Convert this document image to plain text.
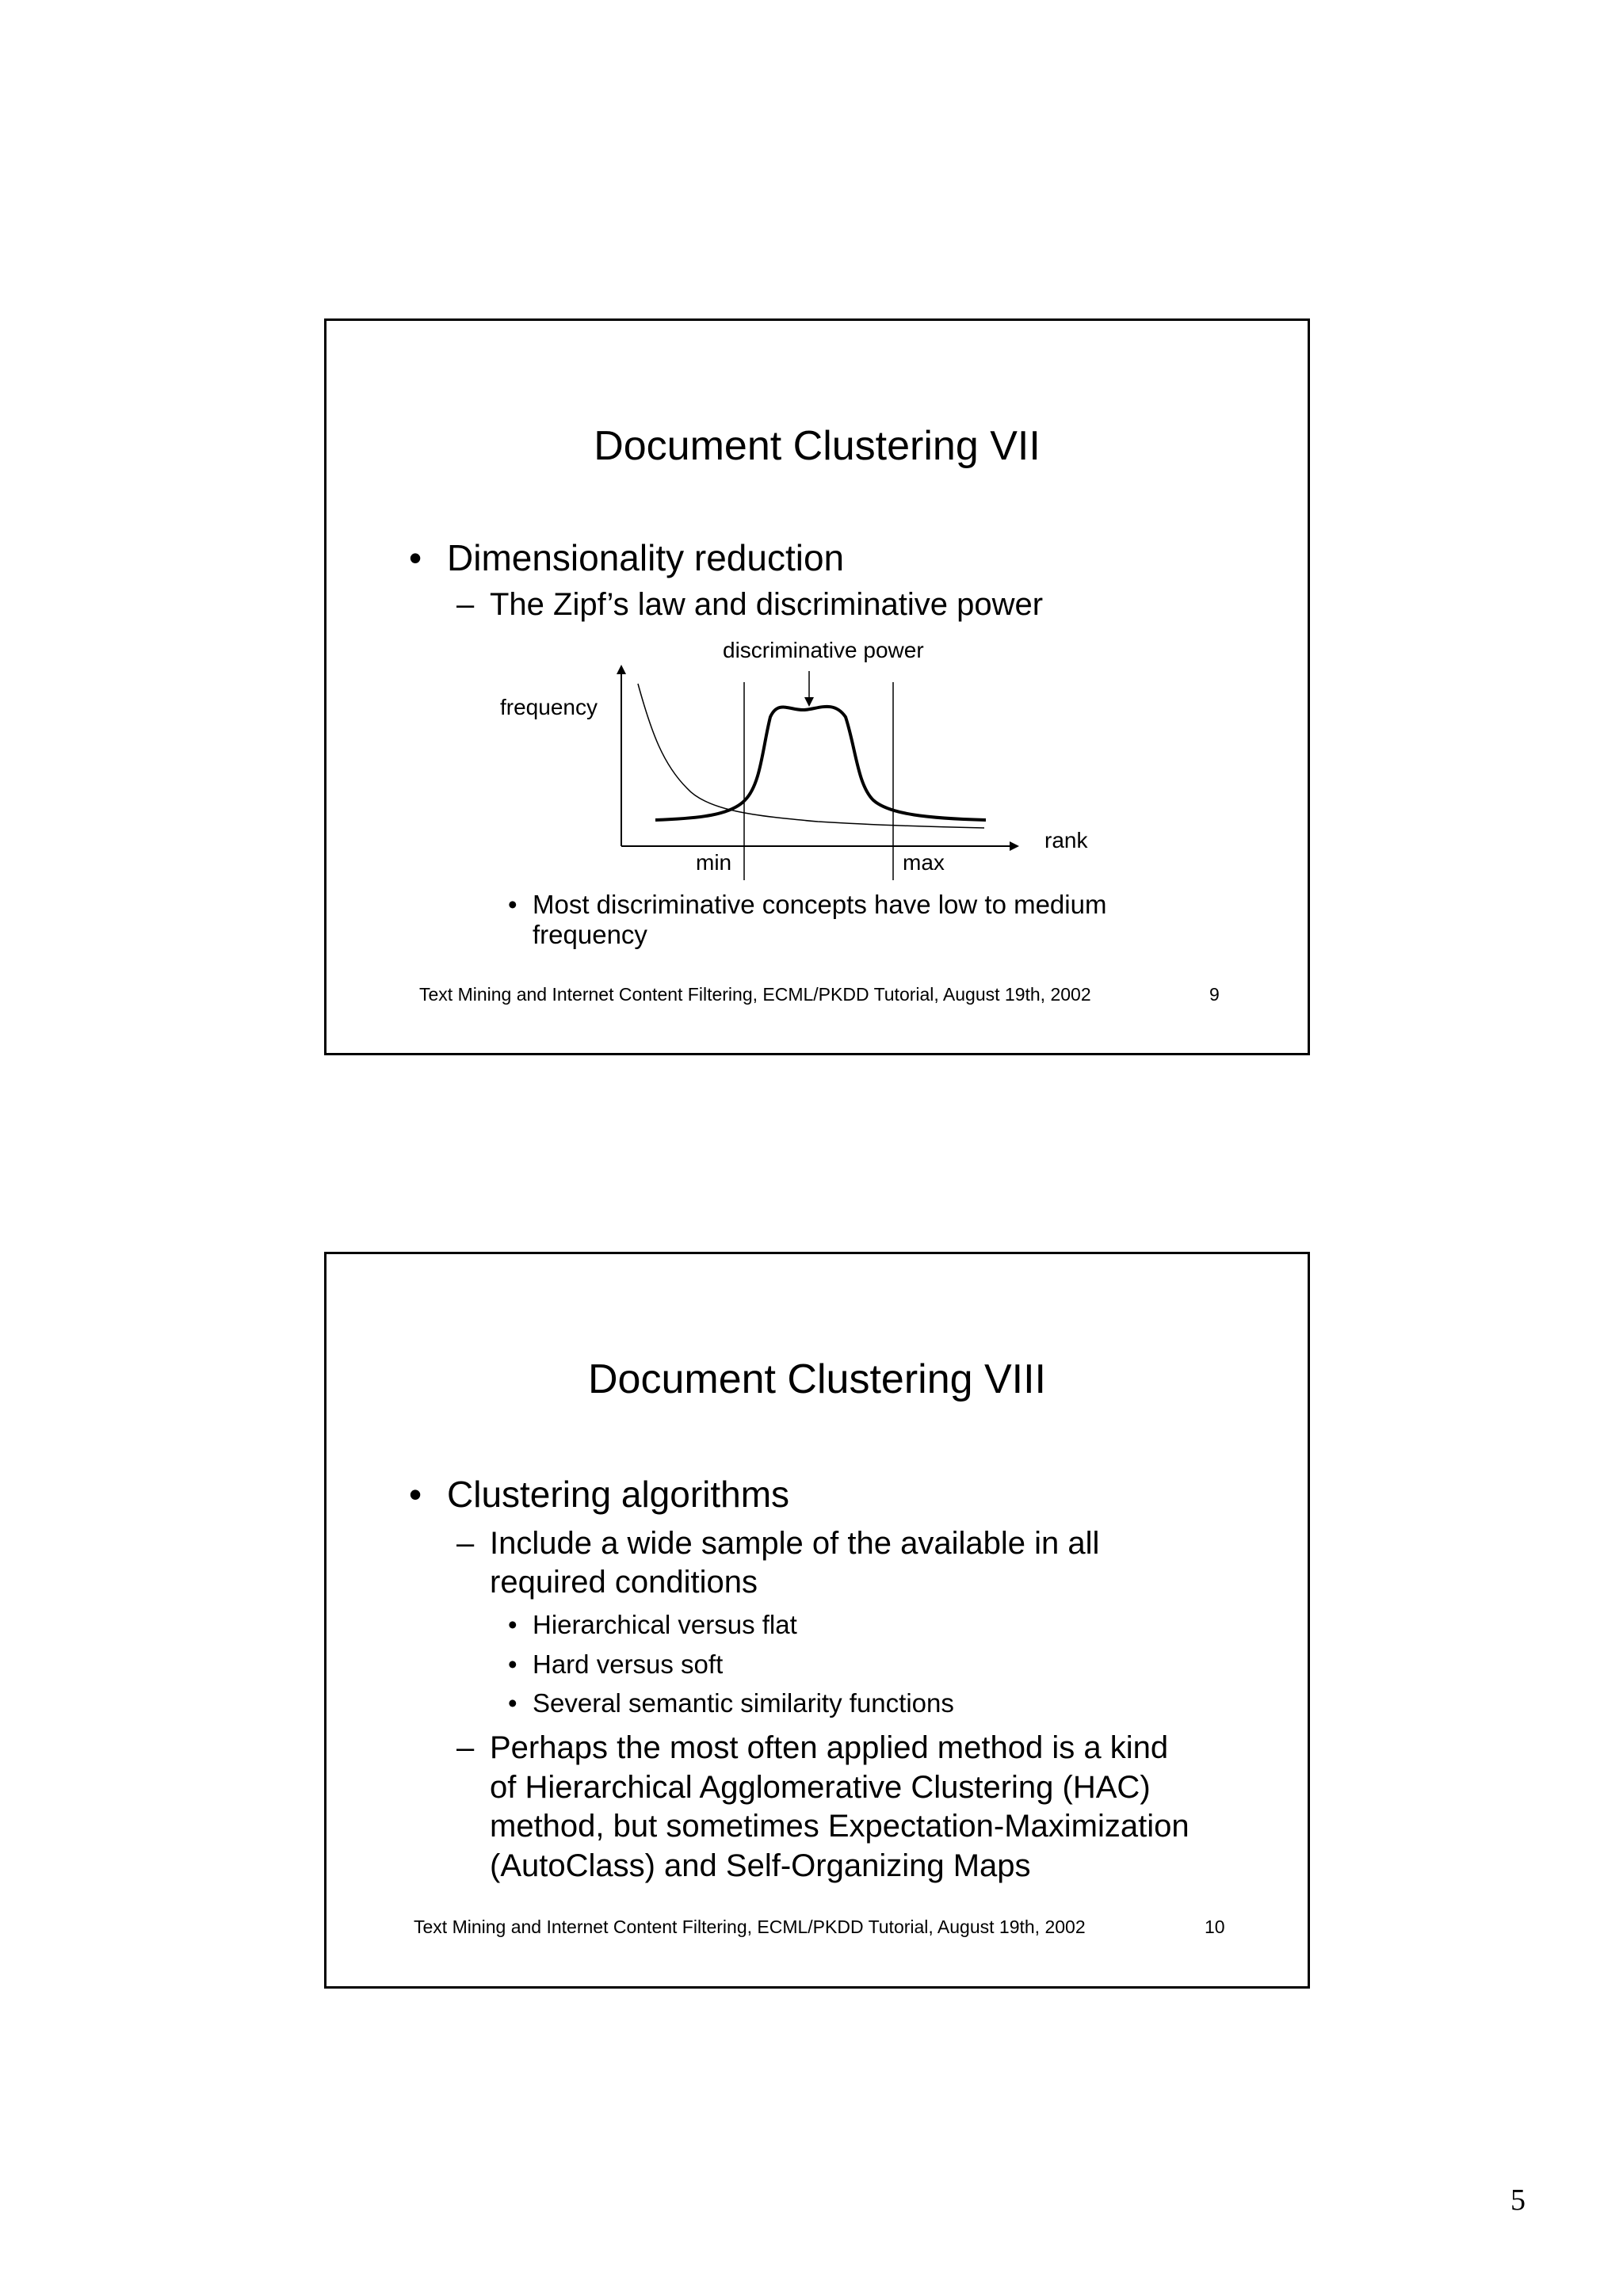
Document Clustering VII
• Dimensionality reduction
– The Zipf’s law and discriminative power
discriminative power
frequency
rank
min	max
• Most discriminative concepts have low to medium
frequency
Text Mining and Internet Content Filtering, ECML/PKDD Tutorial, August 19th, 2002	9
Document Clustering VIII
• Clustering algorithms
– Include a wide sample of the available in all
required conditions
• Hierarchical versus flat
• Hard versus soft
• Several semantic similarity functions
– Perhaps the most often applied method is a kind
of Hierarchical Agglomerative Clustering (HAC)
method, but sometimes Expectation-Maximization
(AutoClass) and Self-Organizing Maps
Text Mining and Internet Content Filtering, ECML/PKDD Tutorial, August 19th, 2002	10
5
